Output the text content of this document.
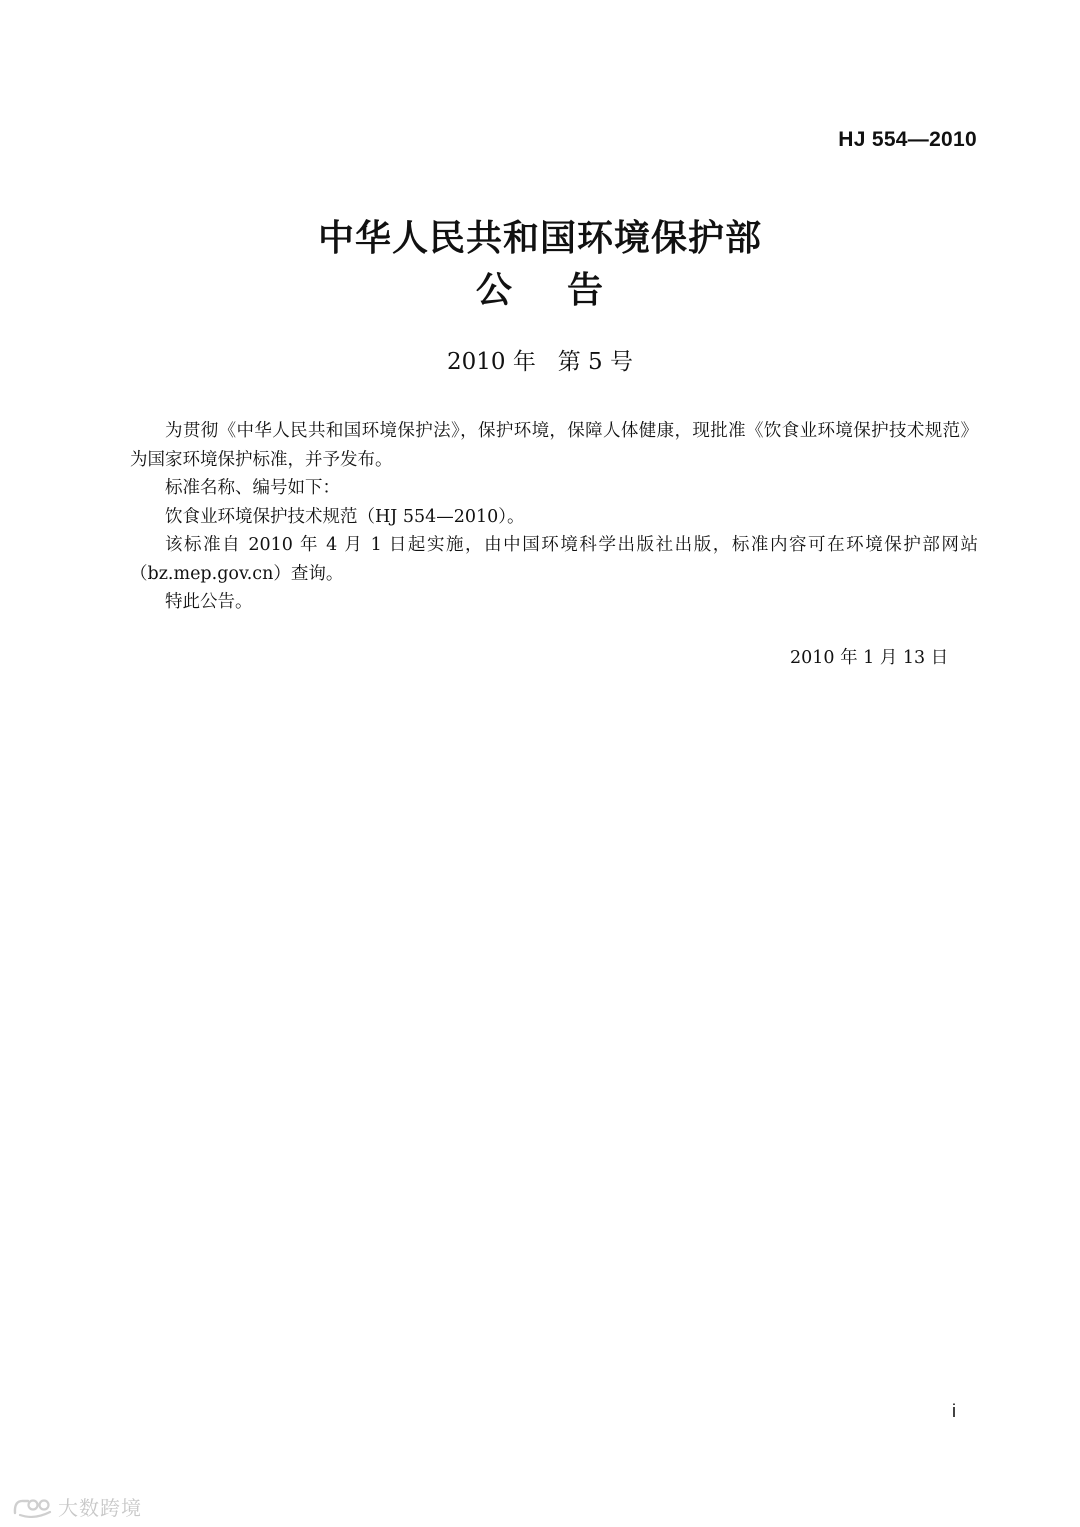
HJ 554—2010
中华人民共和国环境保护部
公    告
2010 年   第 5 号

为贯彻《中华人民共和国环境保护法》，保护环境，保障人体健康，现批准《饮食业环境保护技术规范》为国家环境保护标准，并予发布。

标准名称、编号如下：

饮食业环境保护技术规范（HJ 554—2010）。

该标准自 2010 年 4 月 1 日起实施，由中国环境科学出版社出版，标准内容可在环境保护部网站（bz.mep.gov.cn）查询。

特此公告。

2010 年 1 月 13 日
i
大数跨境
